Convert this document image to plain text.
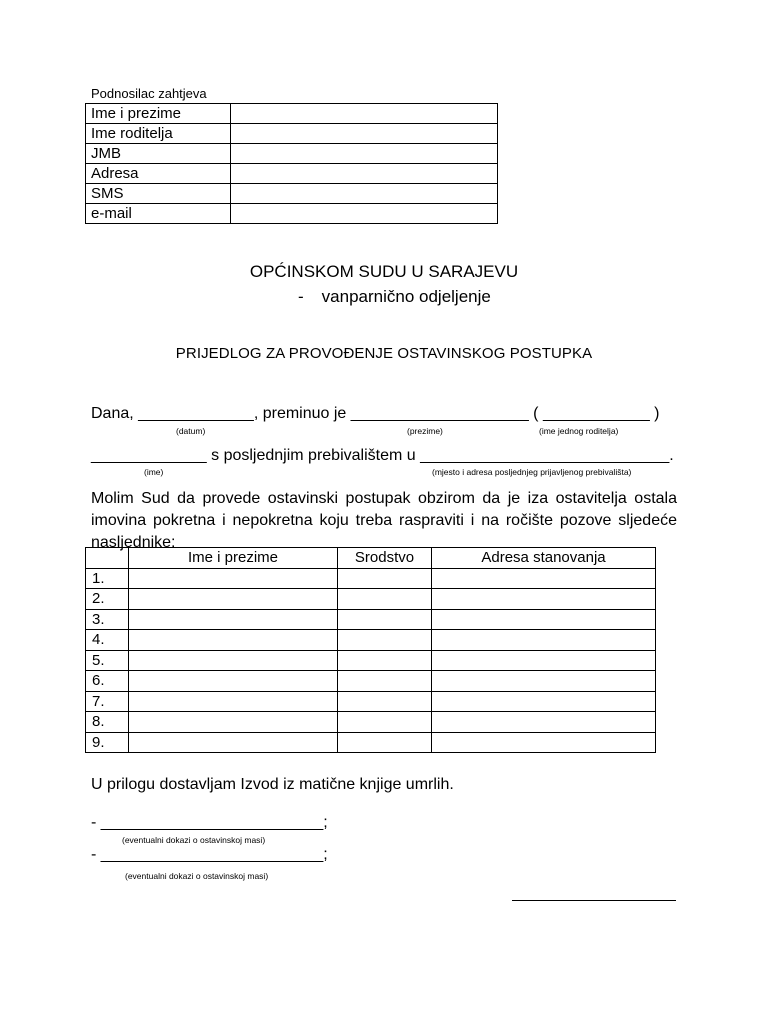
Podnosilac zahtjeva
Ime i prezime	
Ime roditelja	
JMB	
Adresa	
SMS	
e-mail	
OPĆINSKOM SUDU U SARAJEVU
- vanparnično odjeljenje
PRIJEDLOG ZA PROVOĐENJE OSTAVINSKOG POSTUPKA
Dana, _____________, preminuo je ____________________ ( ____________ )
(datum)	(prezime)	(ime jednog roditelja)
_____________ s posljednjim prebivalištem u ____________________________.
(ime)	(mjesto i adresa posljednjeg prijavljenog prebivališta)
Molim Sud da provede ostavinski postupak obzirom da je iza ostavitelja ostala imovina pokretna i nepokretna koju treba raspraviti i na ročište pozove sljedeće nasljednike:
	Ime i prezime	Srodstvo	Adresa stanovanja
1.			
2.			
3.			
4.			
5.			
6.			
7.			
8.			
9.			
U prilogu dostavljam Izvod iz matične knjige umrlih.
- _________________________;
(eventualni dokazi o ostavinskoj masi)
- _________________________;
(eventualni dokazi o ostavinskoj masi)
